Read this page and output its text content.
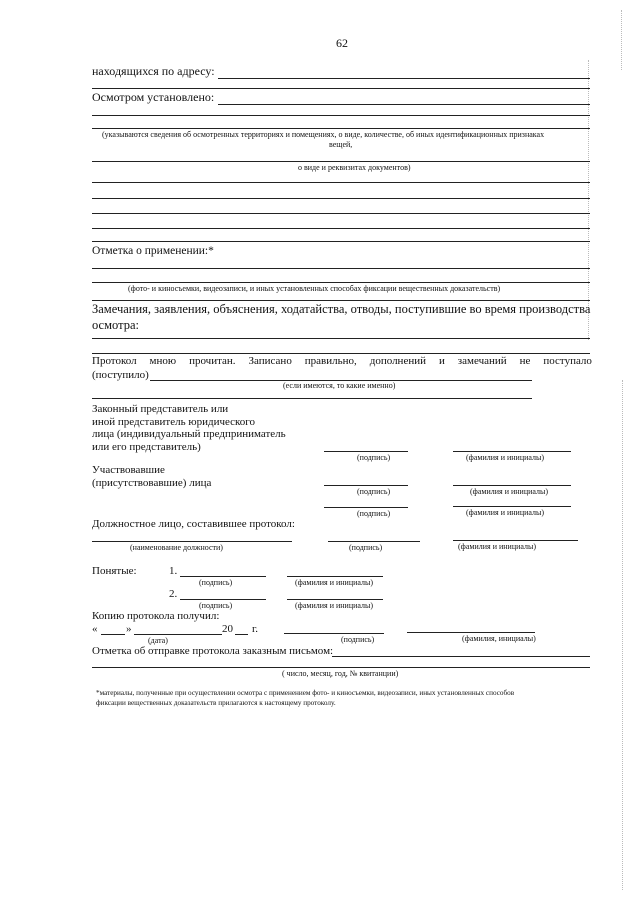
62
находящихся по адресу:
Осмотром установлено:
(указываются сведения об осмотренных территориях и помещениях, о виде, количестве, об иных идентификационных признаках
вещей,
о виде и реквизитах документов)
Отметка о применении:*
(фото- и киносъемки, видеозаписи, и иных установленных способах фиксации вещественных доказательств)
Замечания, заявления, объяснения, ходатайства, отводы, поступившие во время производства
осмотра:
Протокол мною прочитан. Записано правильно, дополнений и замечаний не поступало
(поступило)
(если имеются, то какие именно)
Законный представитель или
иной представитель юридического
лица (индивидуальный предприниматель
или его представитель)
(подпись)	(фамилия и инициалы)
Участвовавшие
(присутствовавшие) лица
(подпись)	(фамилия и инициалы)
(подпись)	(фамилия и инициалы)
Должностное лицо, составившее протокол:
(наименование должности)	(подпись)	(фамилия и инициалы)
Понятые:	1.
(подпись)	(фамилия и инициалы)
2.
(подпись)	(фамилия и инициалы)
Копию протокола получил:
«	»	20 г.
(дата)	(подпись)	(фамилия, инициалы)
Отметка об отправке протокола заказным письмом:
( число, месяц, год, № квитанции)
*материалы, полученные при осуществлении осмотра с применением фото- и киносъемки, видеозаписи, иных установленных способов
фиксации вещественных доказательств прилагаются к настоящему протоколу.
